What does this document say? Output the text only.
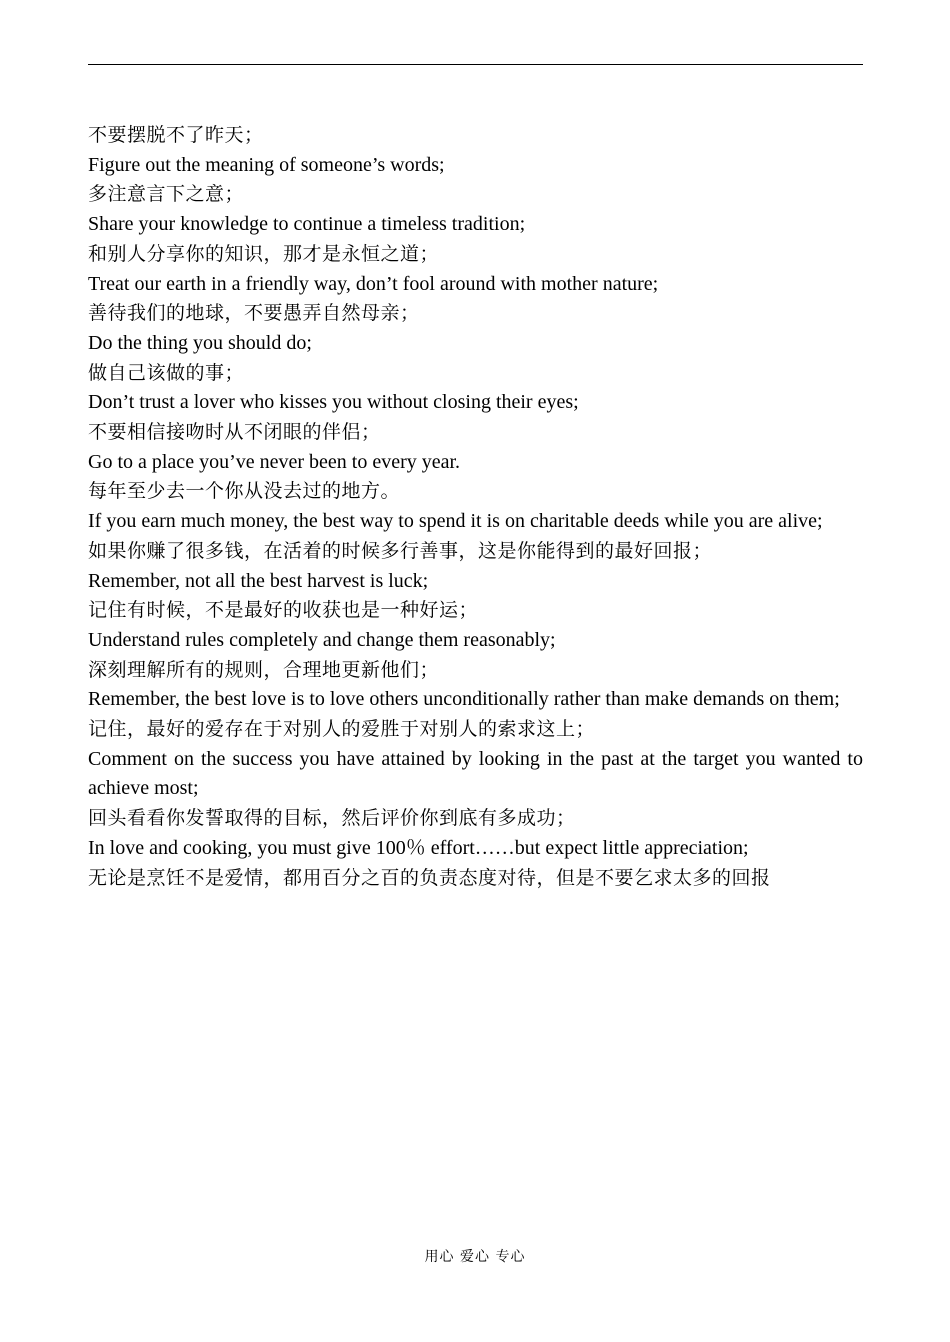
不要摆脱不了昨天；

Figure out the meaning of someone’s words;

多注意言下之意；

Share your knowledge to continue a timeless tradition;

和别人分享你的知识，那才是永恒之道；

Treat our earth in a friendly way, don’t fool around with mother nature;

善待我们的地球，不要愚弄自然母亲；

Do the thing you should do;

做自己该做的事；

Don’t trust a lover who kisses you without closing their eyes;

不要相信接吻时从不闭眼的伴侣；

Go to a place you’ve never been to every year.

每年至少去一个你从没去过的地方。

If you earn much money, the best way to spend it is on charitable deeds while you are alive;

如果你赚了很多钱，在活着的时候多行善事，这是你能得到的最好回报；

Remember, not all the best harvest is luck;

记住有时候，不是最好的收获也是一种好运；

Understand rules completely and change them reasonably;

深刻理解所有的规则，合理地更新他们；

Remember, the best love is to love others unconditionally rather than make demands on them;

记住，最好的爱存在于对别人的爱胜于对别人的索求这上；

Comment on the success you have attained by looking in the past at the target you wanted to achieve most;

回头看看你发誓取得的目标，然后评价你到底有多成功；

In love and cooking, you must give 100％ effort……but expect little appreciation;

无论是烹饪不是爱情，都用百分之百的负责态度对待，但是不要乞求太多的回报

用心 爱心 专心
